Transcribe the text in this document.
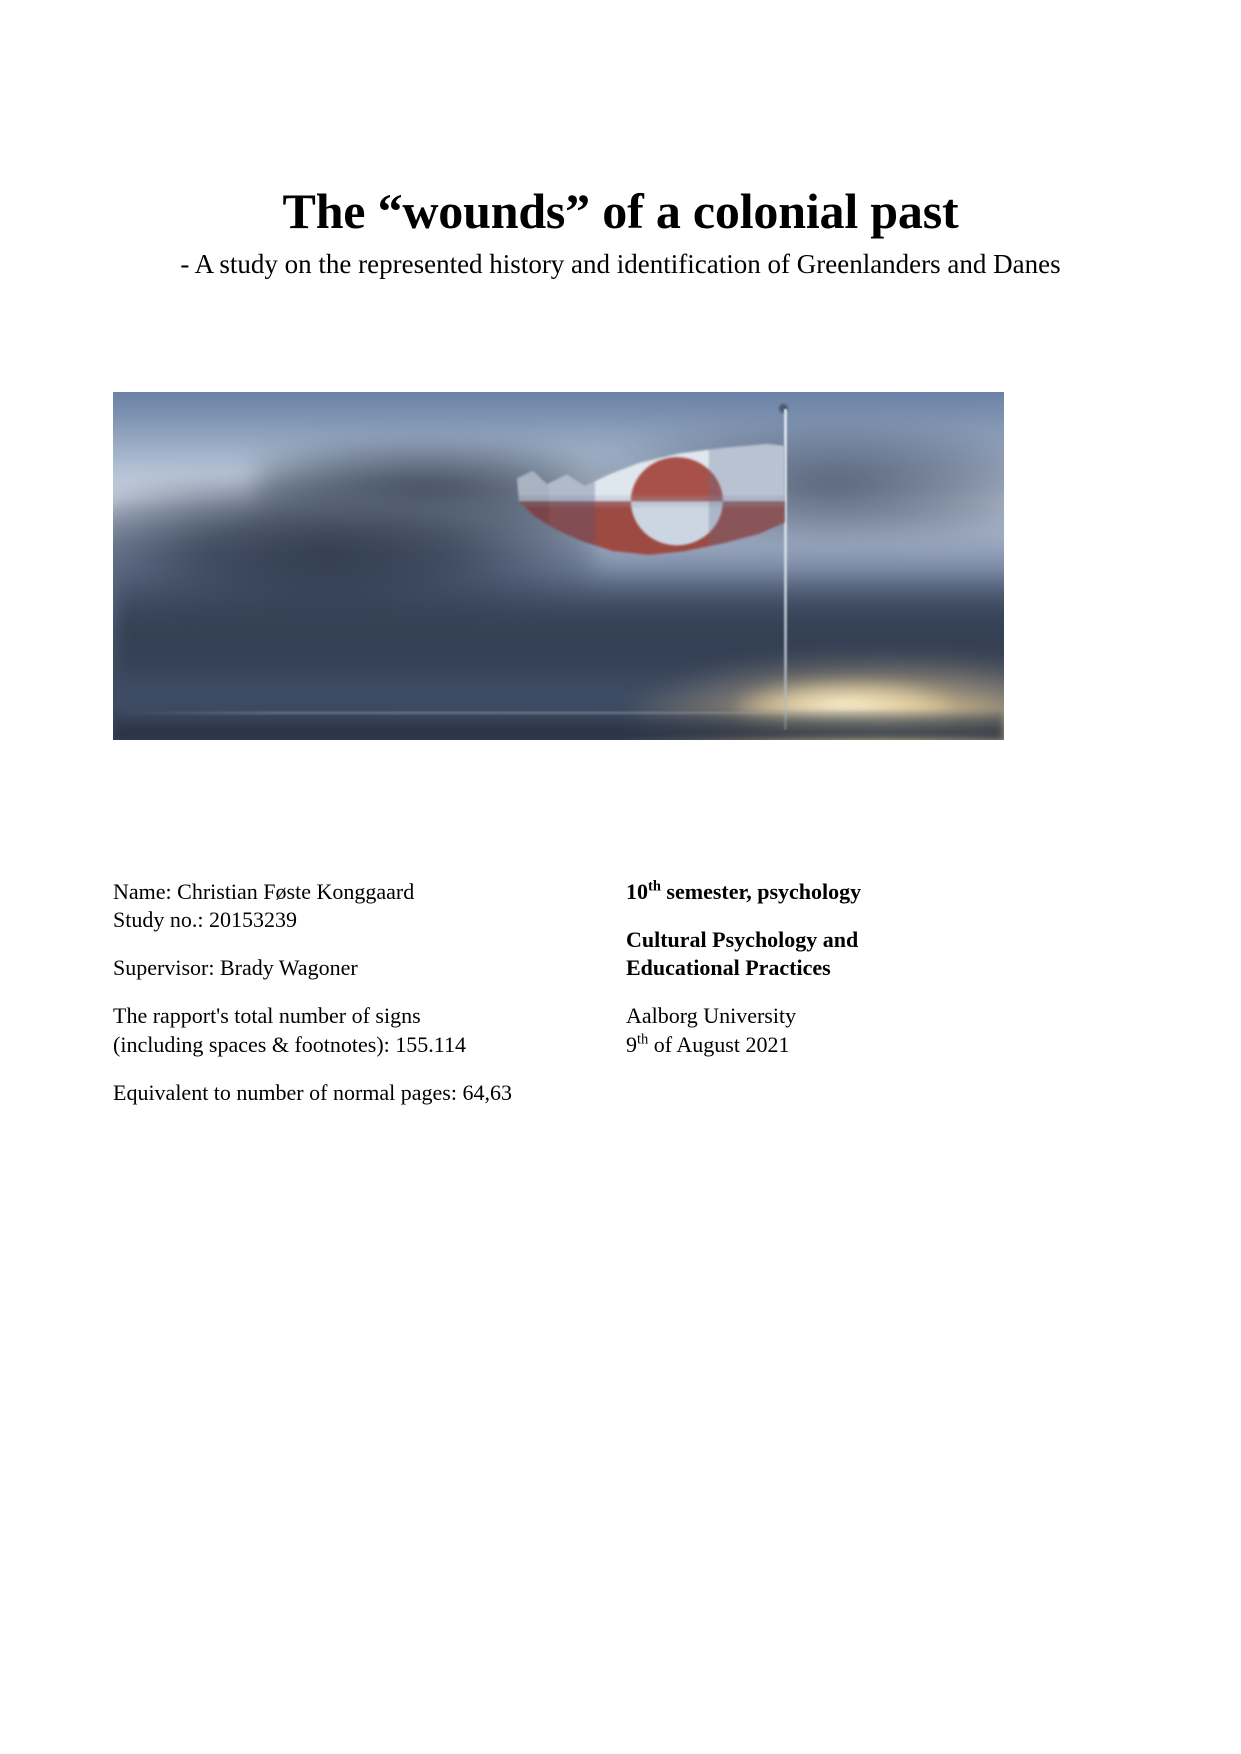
The “wounds” of a colonial past
- A study on the represented history and identification of Greenlanders and Danes

Name: Christian Føste Konggaard
Study no.: 20153239

Supervisor: Brady Wagoner

The rapport's total number of signs
(including spaces & footnotes): 155.114

Equivalent to number of normal pages: 64,63

10th semester, psychology

Cultural Psychology and
Educational Practices

Aalborg University
9th of August 2021
